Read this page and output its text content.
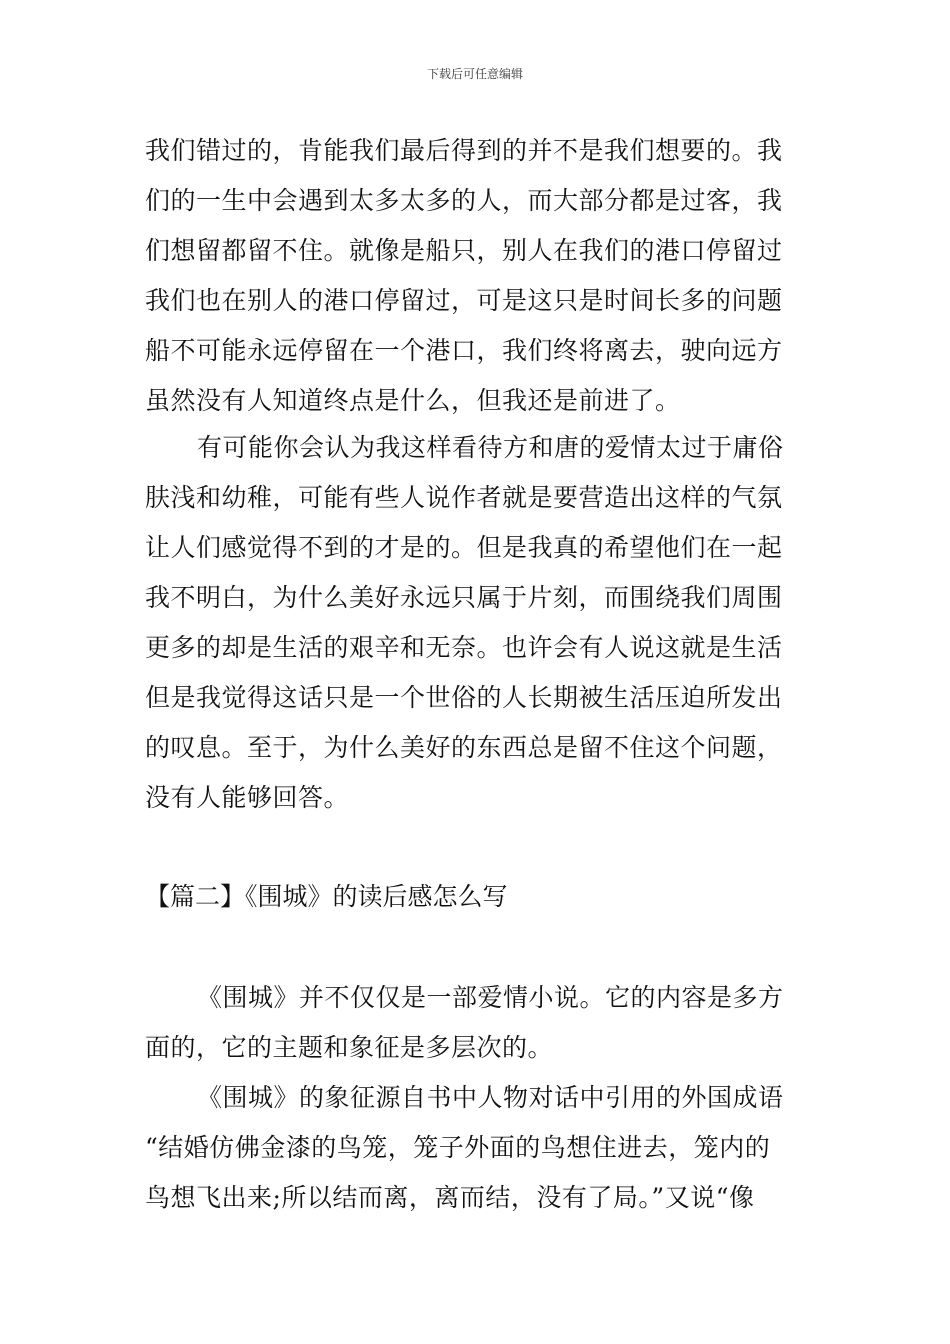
下载后可任意编辑
我们错过的，肯能我们最后得到的并不是我们想要的。我
们的一生中会遇到太多太多的人，而大部分都是过客，我
们想留都留不住。就像是船只，别人在我们的港口停留过
我们也在别人的港口停留过，可是这只是时间长多的问题
船不可能永远停留在一个港口，我们终将离去，驶向远方
虽然没有人知道终点是什么，但我还是前进了。
有可能你会认为我这样看待方和唐的爱情太过于庸俗
肤浅和幼稚，可能有些人说作者就是要营造出这样的气氛
让人们感觉得不到的才是的。但是我真的希望他们在一起
我不明白，为什么美好永远只属于片刻，而围绕我们周围
更多的却是生活的艰辛和无奈。也许会有人说这就是生活
但是我觉得这话只是一个世俗的人长期被生活压迫所发出
的叹息。至于，为什么美好的东西总是留不住这个问题，
没有人能够回答。
【篇二】《围城》的读后感怎么写
《围城》并不仅仅是一部爱情小说。它的内容是多方
面的，它的主题和象征是多层次的。
《围城》的象征源自书中人物对话中引用的外国成语
“结婚仿佛金漆的鸟笼，笼子外面的鸟想住进去，笼内的
鸟想飞出来;所以结而离，离而结，没有了局。”又说“像
